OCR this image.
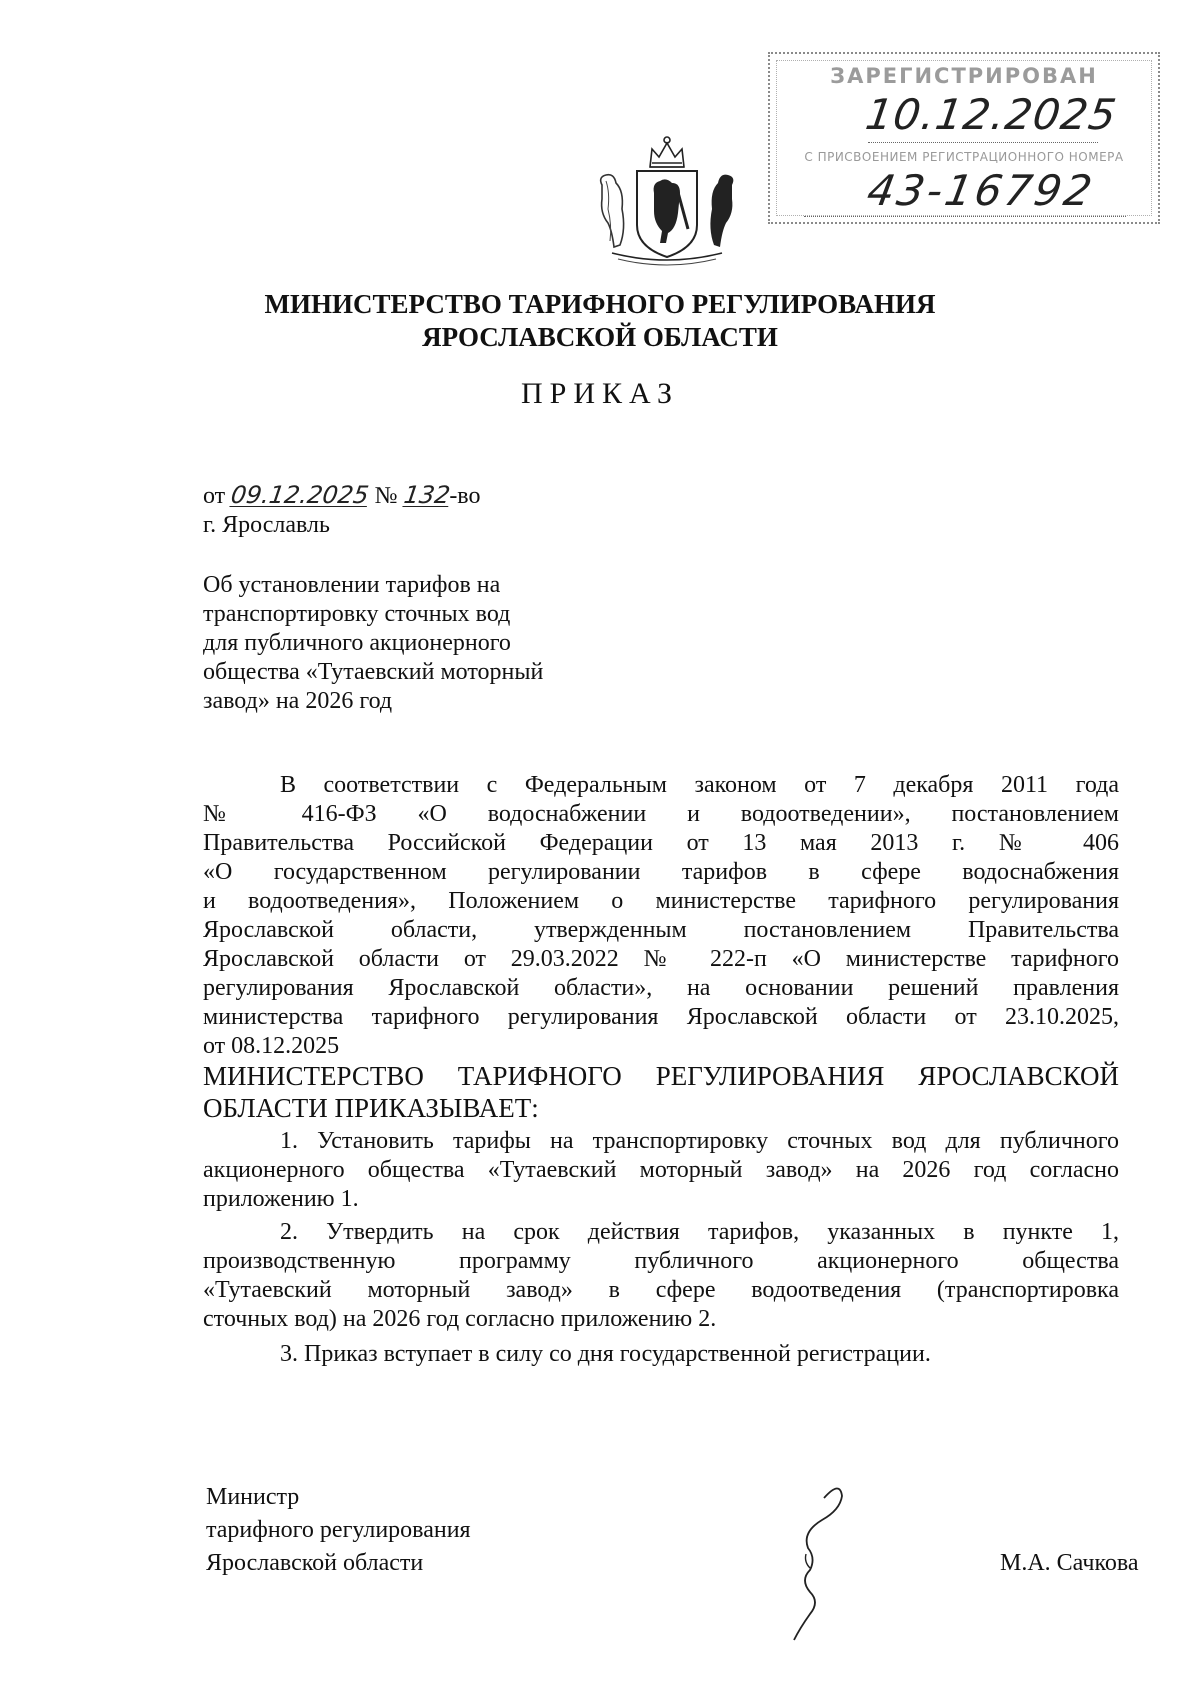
ЗАРЕГИСТРИРОВАН
10.12.2025
С ПРИСВОЕНИЕМ РЕГИСТРАЦИОННОГО НОМЕРА
43-16792
МИНИСТЕРСТВО ТАРИФНОГО РЕГУЛИРОВАНИЯ
ЯРОСЛАВСКОЙ ОБЛАСТИ
ПРИКАЗ
от 09.12.2025 № 132-во
г. Ярославль
Об установлении тарифов на
транспортировку сточных вод
для публичного акционерного
общества «Тутаевский моторный
завод» на 2026 год
В соответствии с Федеральным законом от 7 декабря 2011 года
№ 416-ФЗ «О водоснабжении и водоотведении», постановлением
Правительства Российской Федерации от 13 мая 2013 г. № 406
«О государственном регулировании тарифов в сфере водоснабжения
и водоотведения», Положением о министерстве тарифного регулирования
Ярославской области, утвержденным постановлением Правительства
Ярославской области от 29.03.2022 № 222-п «О министерстве тарифного
регулирования Ярославской области», на основании решений правления
министерства тарифного регулирования Ярославской области от 23.10.2025,
от 08.12.2025
МИНИСТЕРСТВО ТАРИФНОГО РЕГУЛИРОВАНИЯ ЯРОСЛАВСКОЙ
ОБЛАСТИ ПРИКАЗЫВАЕТ:
1. Установить тарифы на транспортировку сточных вод для публичного
акционерного общества «Тутаевский моторный завод» на 2026 год согласно
приложению 1.
2. Утвердить на срок действия тарифов, указанных в пункте 1,
производственную программу публичного акционерного общества
«Тутаевский моторный завод» в сфере водоотведения (транспортировка
сточных вод) на 2026 год согласно приложению 2.
3. Приказ вступает в силу со дня государственной регистрации.
Министр
тарифного регулирования
Ярославской области	М.А. Сачкова
